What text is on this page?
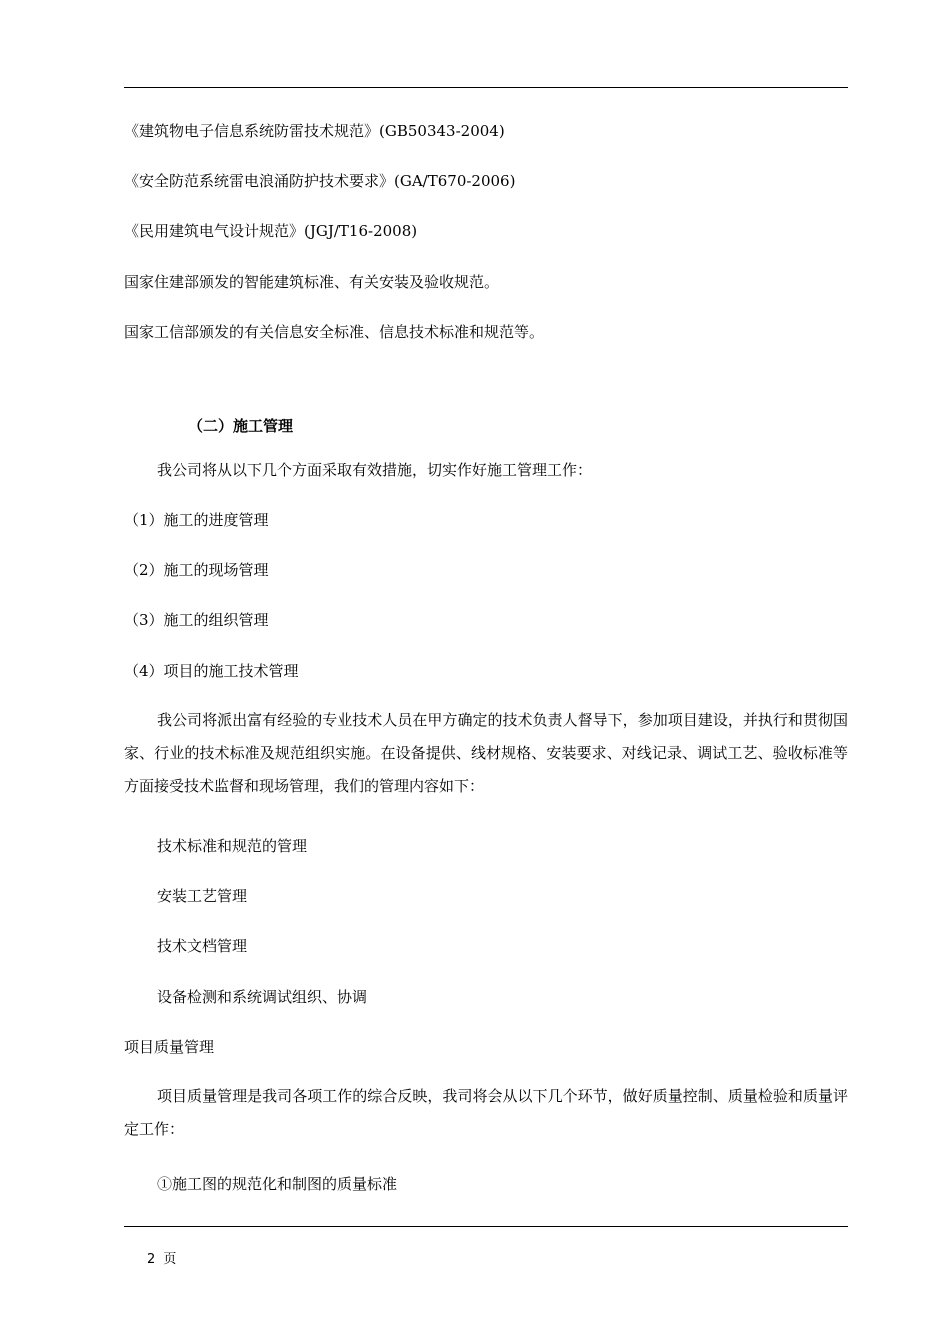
《建筑物电子信息系统防雷技术规范》(GB50343-2004)
《安全防范系统雷电浪涌防护技术要求》(GA/T670-2006)
《民用建筑电气设计规范》(JGJ/T16-2008)
国家住建部颁发的智能建筑标准、有关安装及验收规范。
国家工信部颁发的有关信息安全标准、信息技术标准和规范等。
（二）施工管理
我公司将从以下几个方面采取有效措施，切实作好施工管理工作：
（1）施工的进度管理
（2）施工的现场管理
（3）施工的组织管理
（4）项目的施工技术管理
我公司将派出富有经验的专业技术人员在甲方确定的技术负责人督导下，参加项目建设，并执行和贯彻国家、行业的技术标准及规范组织实施。在设备提供、线材规格、安装要求、对线记录、调试工艺、验收标准等方面接受技术监督和现场管理，我们的管理内容如下：
技术标准和规范的管理
安装工艺管理
技术文档管理
设备检测和系统调试组织、协调
项目质量管理
项目质量管理是我司各项工作的综合反映，我司将会从以下几个环节，做好质量控制、质量检验和质量评定工作：
①施工图的规范化和制图的质量标准
2 页
